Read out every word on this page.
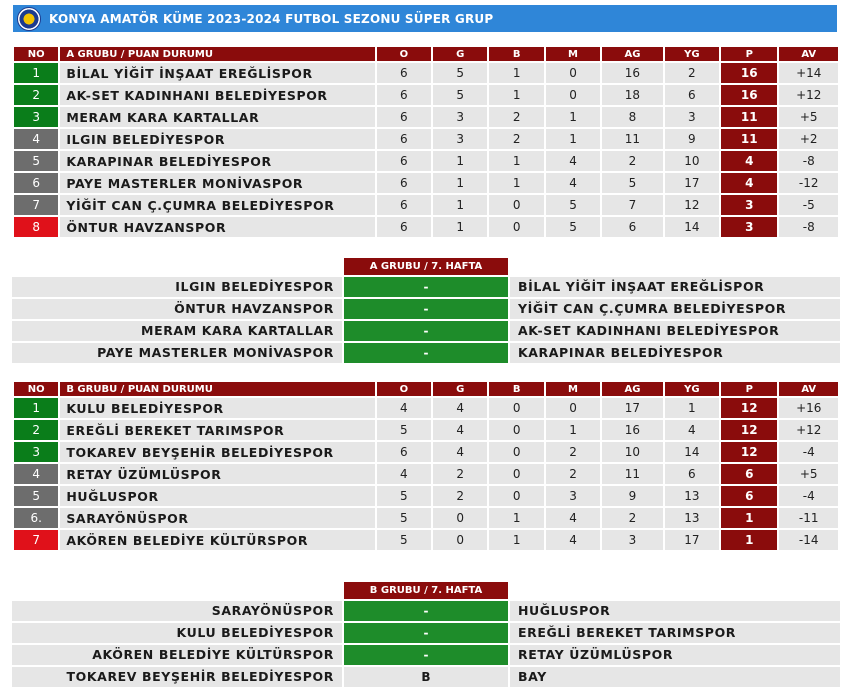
KONYA AMATÖR KÜME 2023-2024 FUTBOL SEZONU SÜPER GRUP
NO	A GRUBU / PUAN DURUMU	O	G	B	M	AG	YG	P	AV
1	BİLAL YİĞİT İNŞAAT EREĞLİSPOR	6	5	1	0	16	2	16	+14
2	AK-SET KADINHANI BELEDİYESPOR	6	5	1	0	18	6	16	+12
3	MERAM KARA KARTALLAR	6	3	2	1	8	3	11	+5
4	ILGIN BELEDİYESPOR	6	3	2	1	11	9	11	+2
5	KARAPINAR BELEDİYESPOR	6	1	1	4	2	10	4	-8
6	PAYE MASTERLER MONİVASPOR	6	1	1	4	5	17	4	-12
7	YİĞİT CAN Ç.ÇUMRA BELEDİYESPOR	6	1	0	5	7	12	3	-5
8	ÖNTUR HAVZANSPOR	6	1	0	5	6	14	3	-8
A GRUBU / 7. HAFTA
ILGIN BELEDİYESPOR	-	BİLAL YİĞİT İNŞAAT EREĞLİSPOR
ÖNTUR HAVZANSPOR	-	YİĞİT CAN Ç.ÇUMRA BELEDİYESPOR
MERAM KARA KARTALLAR	-	AK-SET KADINHANI BELEDİYESPOR
PAYE MASTERLER MONİVASPOR	-	KARAPINAR BELEDİYESPOR
NO	B GRUBU / PUAN DURUMU	O	G	B	M	AG	YG	P	AV
1	KULU BELEDİYESPOR	4	4	0	0	17	1	12	+16
2	EREĞLİ BEREKET TARIMSPOR	5	4	0	1	16	4	12	+12
3	TOKAREV BEYŞEHİR BELEDİYESPOR	6	4	0	2	10	14	12	-4
4	RETAY ÜZÜMLÜSPOR	4	2	0	2	11	6	6	+5
5	HUĞLUSPOR	5	2	0	3	9	13	6	-4
6.	SARAYÖNÜSPOR	5	0	1	4	2	13	1	-11
7	AKÖREN BELEDİYE KÜLTÜRSPOR	5	0	1	4	3	17	1	-14
B GRUBU / 7. HAFTA
SARAYÖNÜSPOR	-	HUĞLUSPOR
KULU BELEDİYESPOR	-	EREĞLİ BEREKET TARIMSPOR
AKÖREN BELEDİYE KÜLTÜRSPOR	-	RETAY ÜZÜMLÜSPOR
TOKAREV BEYŞEHİR BELEDİYESPOR	B	BAY
